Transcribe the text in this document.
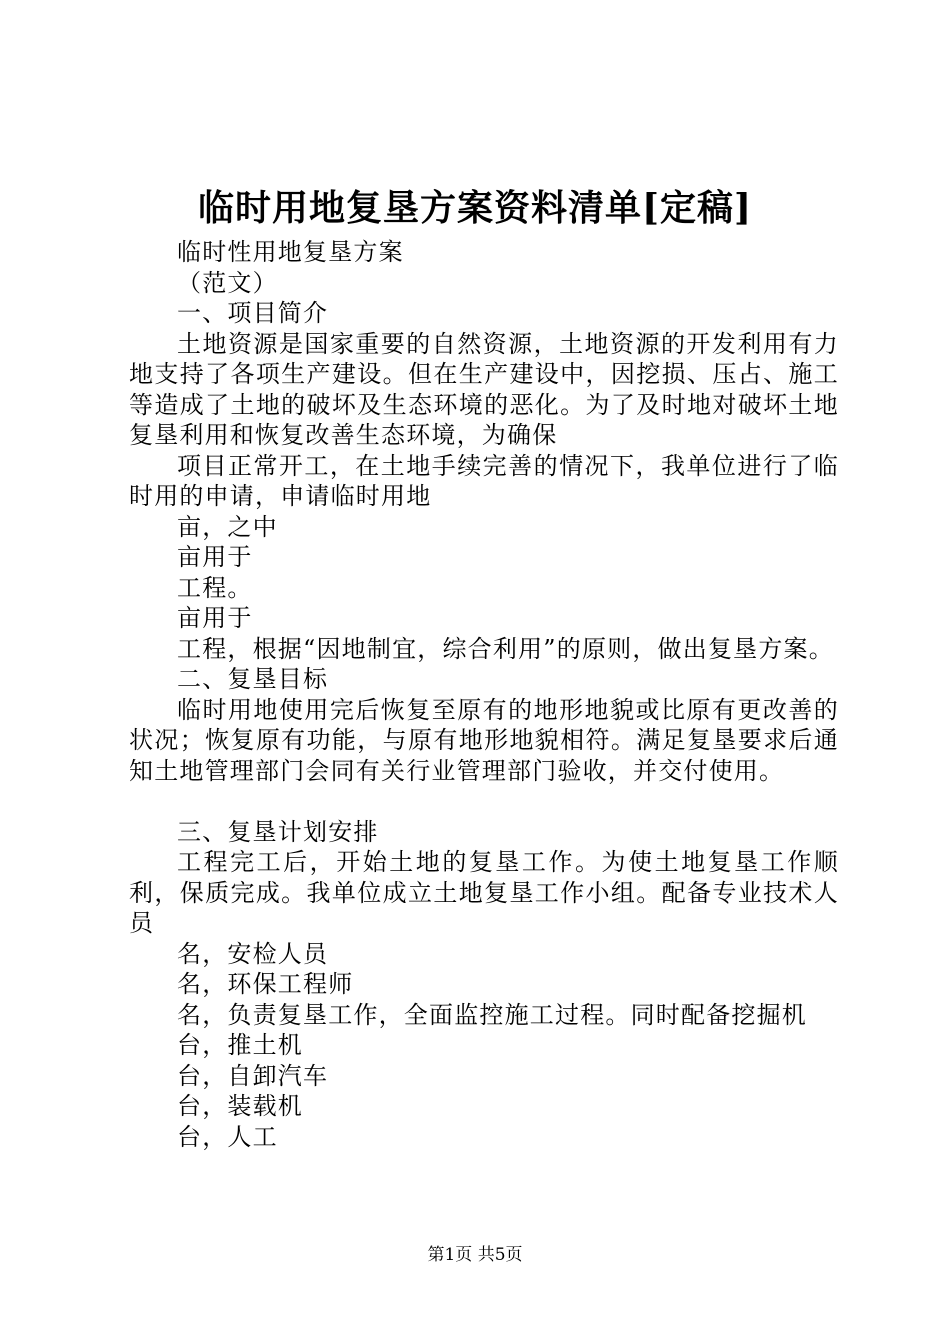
临时用地复垦方案资料清单[定稿]

临时性用地复垦方案

（范文）

一、项目简介

土地资源是国家重要的自然资源，土地资源的开发利用有力地支持了各项生产建设。但在生产建设中，因挖损、压占、施工等造成了土地的破坏及生态环境的恶化。为了及时地对破坏土地复垦利用和恢复改善生态环境，为确保

项目正常开工，在土地手续完善的情况下，我单位进行了临时用的申请，申请临时用地

亩，之中

亩用于

工程。

亩用于

工程，根据“因地制宜，综合利用”的原则，做出复垦方案。

二、复垦目标

临时用地使用完后恢复至原有的地形地貌或比原有更改善的状况；恢复原有功能，与原有地形地貌相符。满足复垦要求后通知土地管理部门会同有关行业管理部门验收，并交付使用。

三、复垦计划安排

工程完工后，开始土地的复垦工作。为使土地复垦工作顺利，保质完成。我单位成立土地复垦工作小组。配备专业技术人员

名，安检人员

名，环保工程师

名，负责复垦工作，全面监控施工过程。同时配备挖掘机

台，推土机

台，自卸汽车

台，装载机

台，人工

第1页 共5页
